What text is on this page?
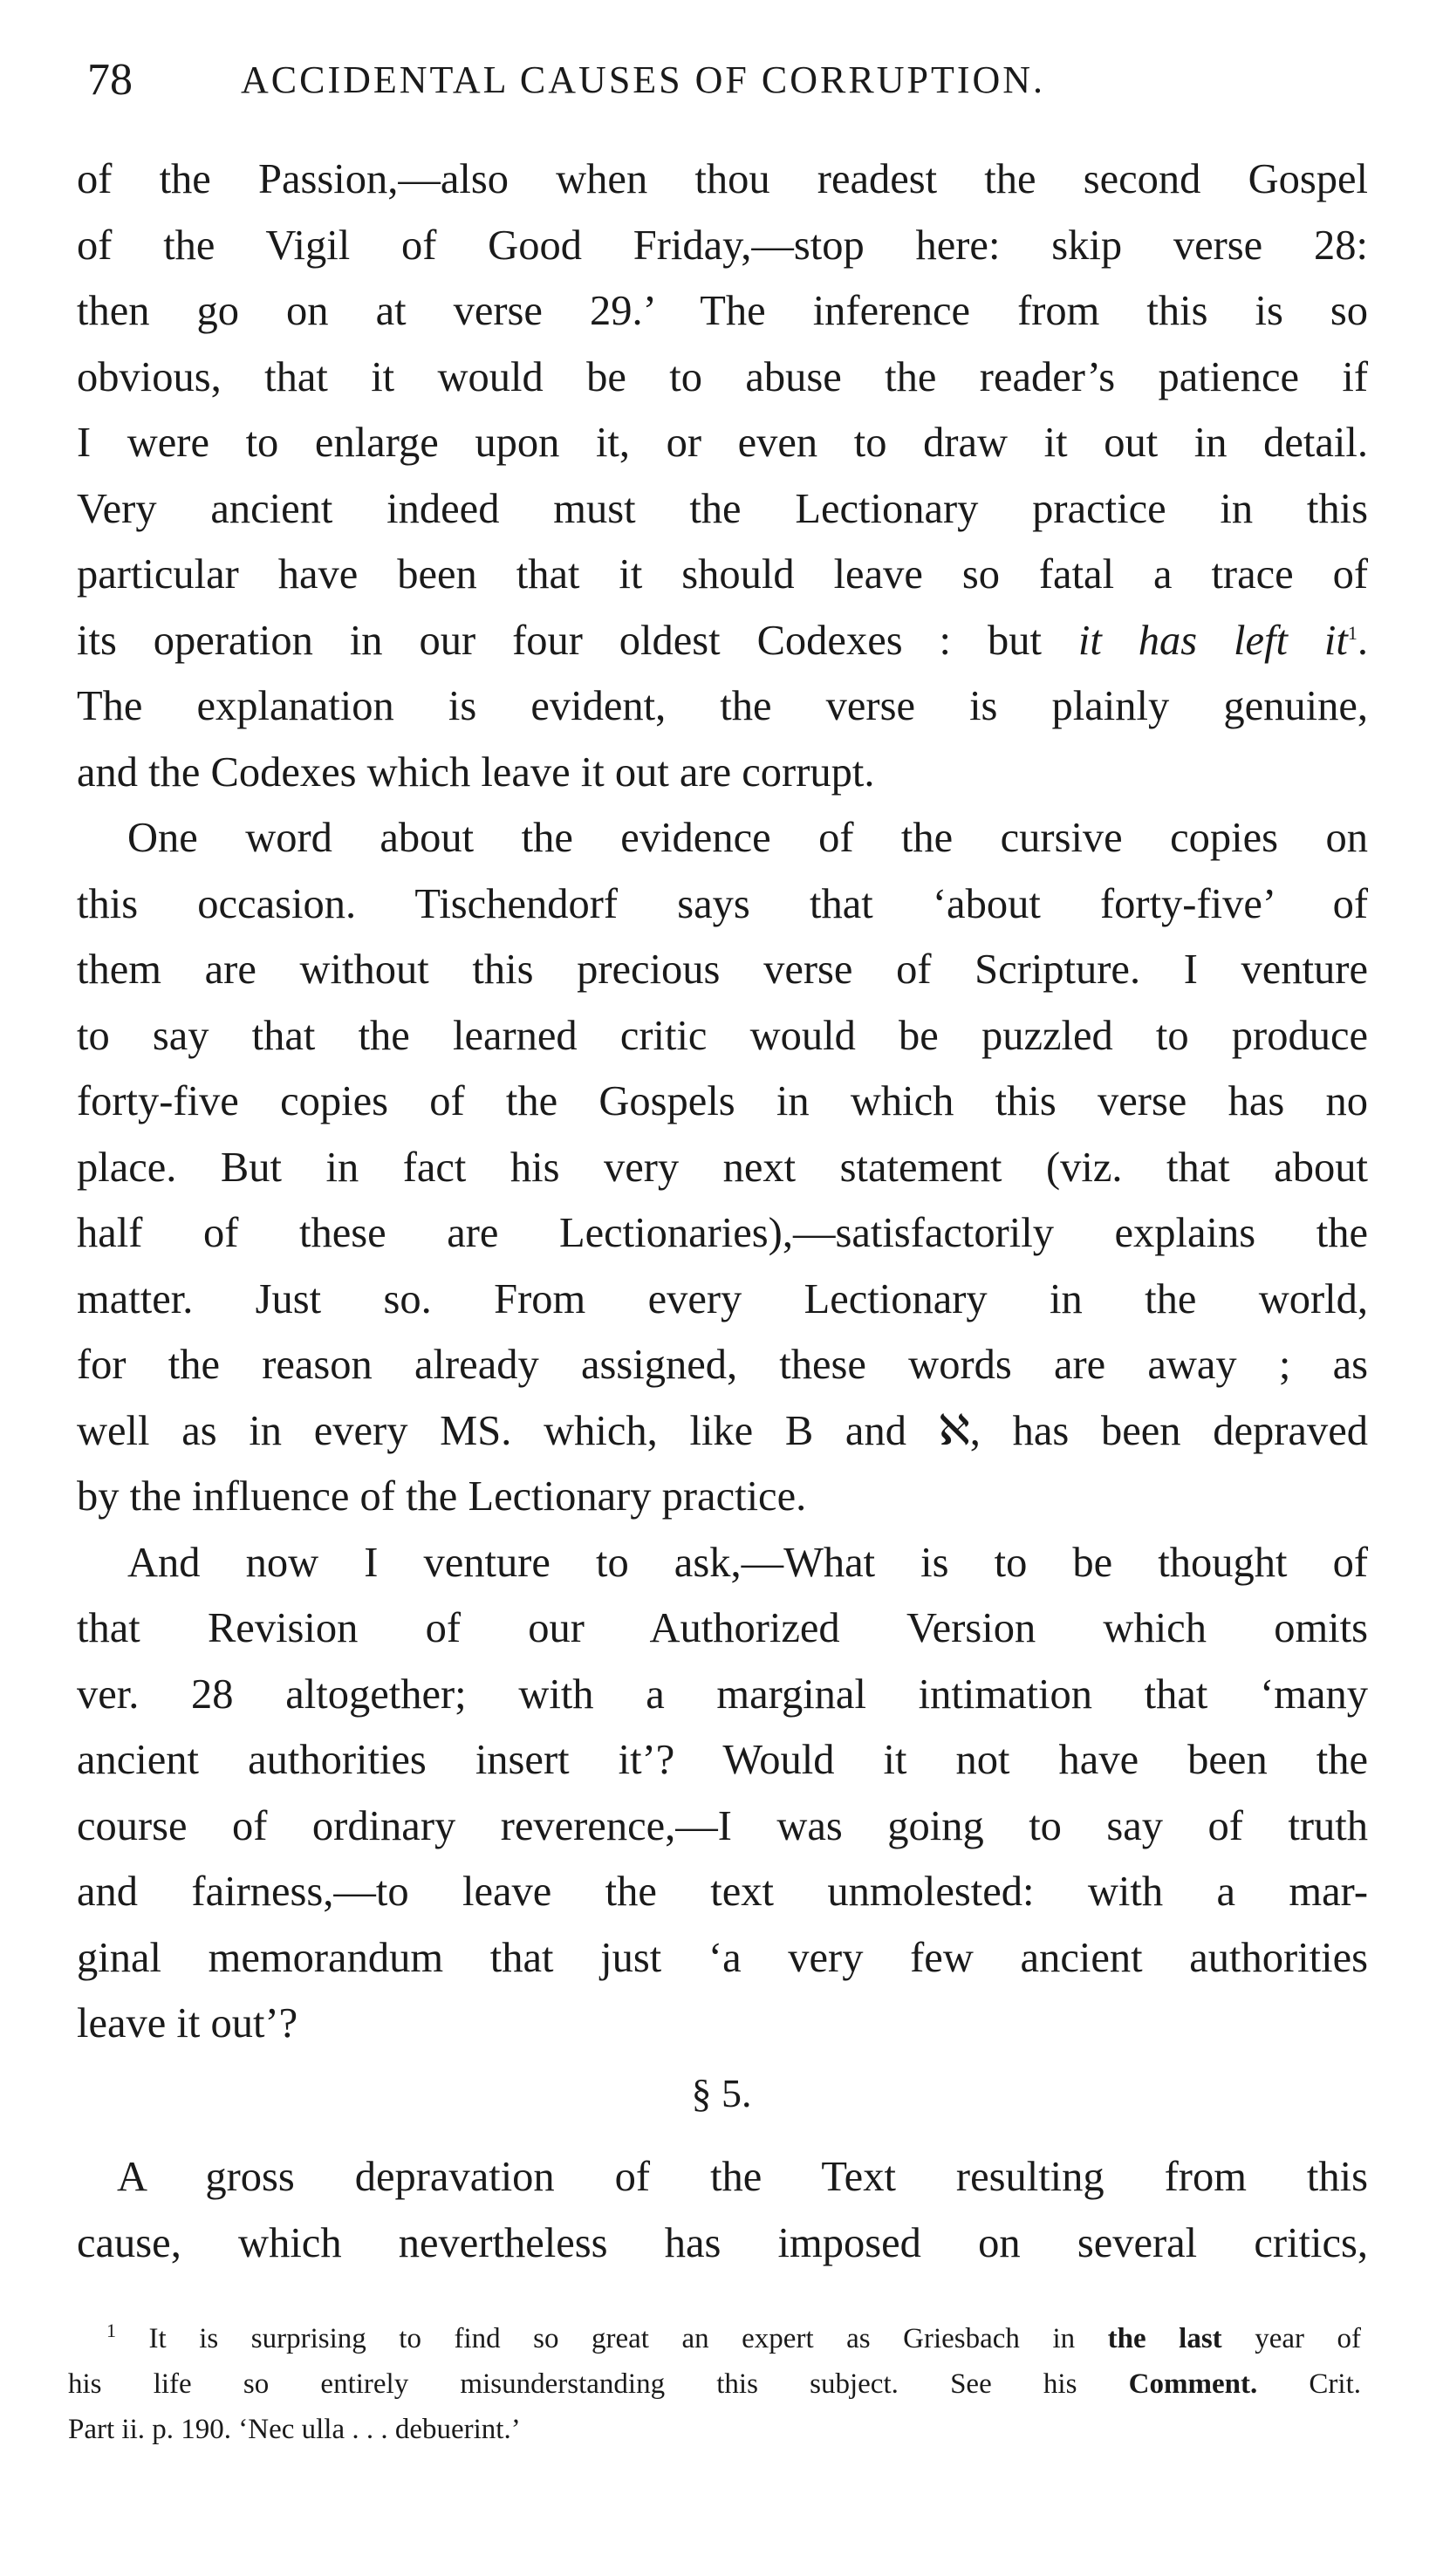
78	ACCIDENTAL CAUSES OF CORRUPTION.

of the Passion,—also when thou readest the second Gospel
of the Vigil of Good Friday,—stop here: skip verse 28:
then go on at verse 29.’ The inference from this is so
obvious, that it would be to abuse the reader’s patience if
I were to enlarge upon it, or even to draw it out in detail.
Very ancient indeed must the Lectionary practice in this
particular have been that it should leave so fatal a trace of
its operation in our four oldest Codexes : but it has left it$^1$.
The explanation is evident, the verse is plainly genuine,
and the Codexes which leave it out are corrupt.

One word about the evidence of the cursive copies on
this occasion. Tischendorf says that ‘about forty-five’ of
them are without this precious verse of Scripture. I venture
to say that the learned critic would be puzzled to produce
forty-five copies of the Gospels in which this verse has no
place. But in fact his very next statement (viz. that about
half of these are Lectionaries),—satisfactorily explains the
matter. Just so. From every Lectionary in the world,
for the reason already assigned, these words are away ; as
well as in every MS. which, like B and ℵ, has been depraved
by the influence of the Lectionary practice.

And now I venture to ask,—What is to be thought of
that Revision of our Authorized Version which omits
ver. 28 altogether; with a marginal intimation that ‘many
ancient authorities insert it’? Would it not have been the
course of ordinary reverence,—I was going to say of truth
and fairness,—to leave the text unmolested: with a mar-
ginal memorandum that just ‘a very few ancient authorities
leave it out’?

§ 5.
A gross depravation of the Text resulting from this
cause, which nevertheless has imposed on several critics,
$^1$ It is surprising to find so great an expert as Griesbach in the last year of
his life so entirely misunderstanding this subject. See his Comment. Crit.
Part ii. p. 190. ‘Nec ulla . . . debuerint.’
